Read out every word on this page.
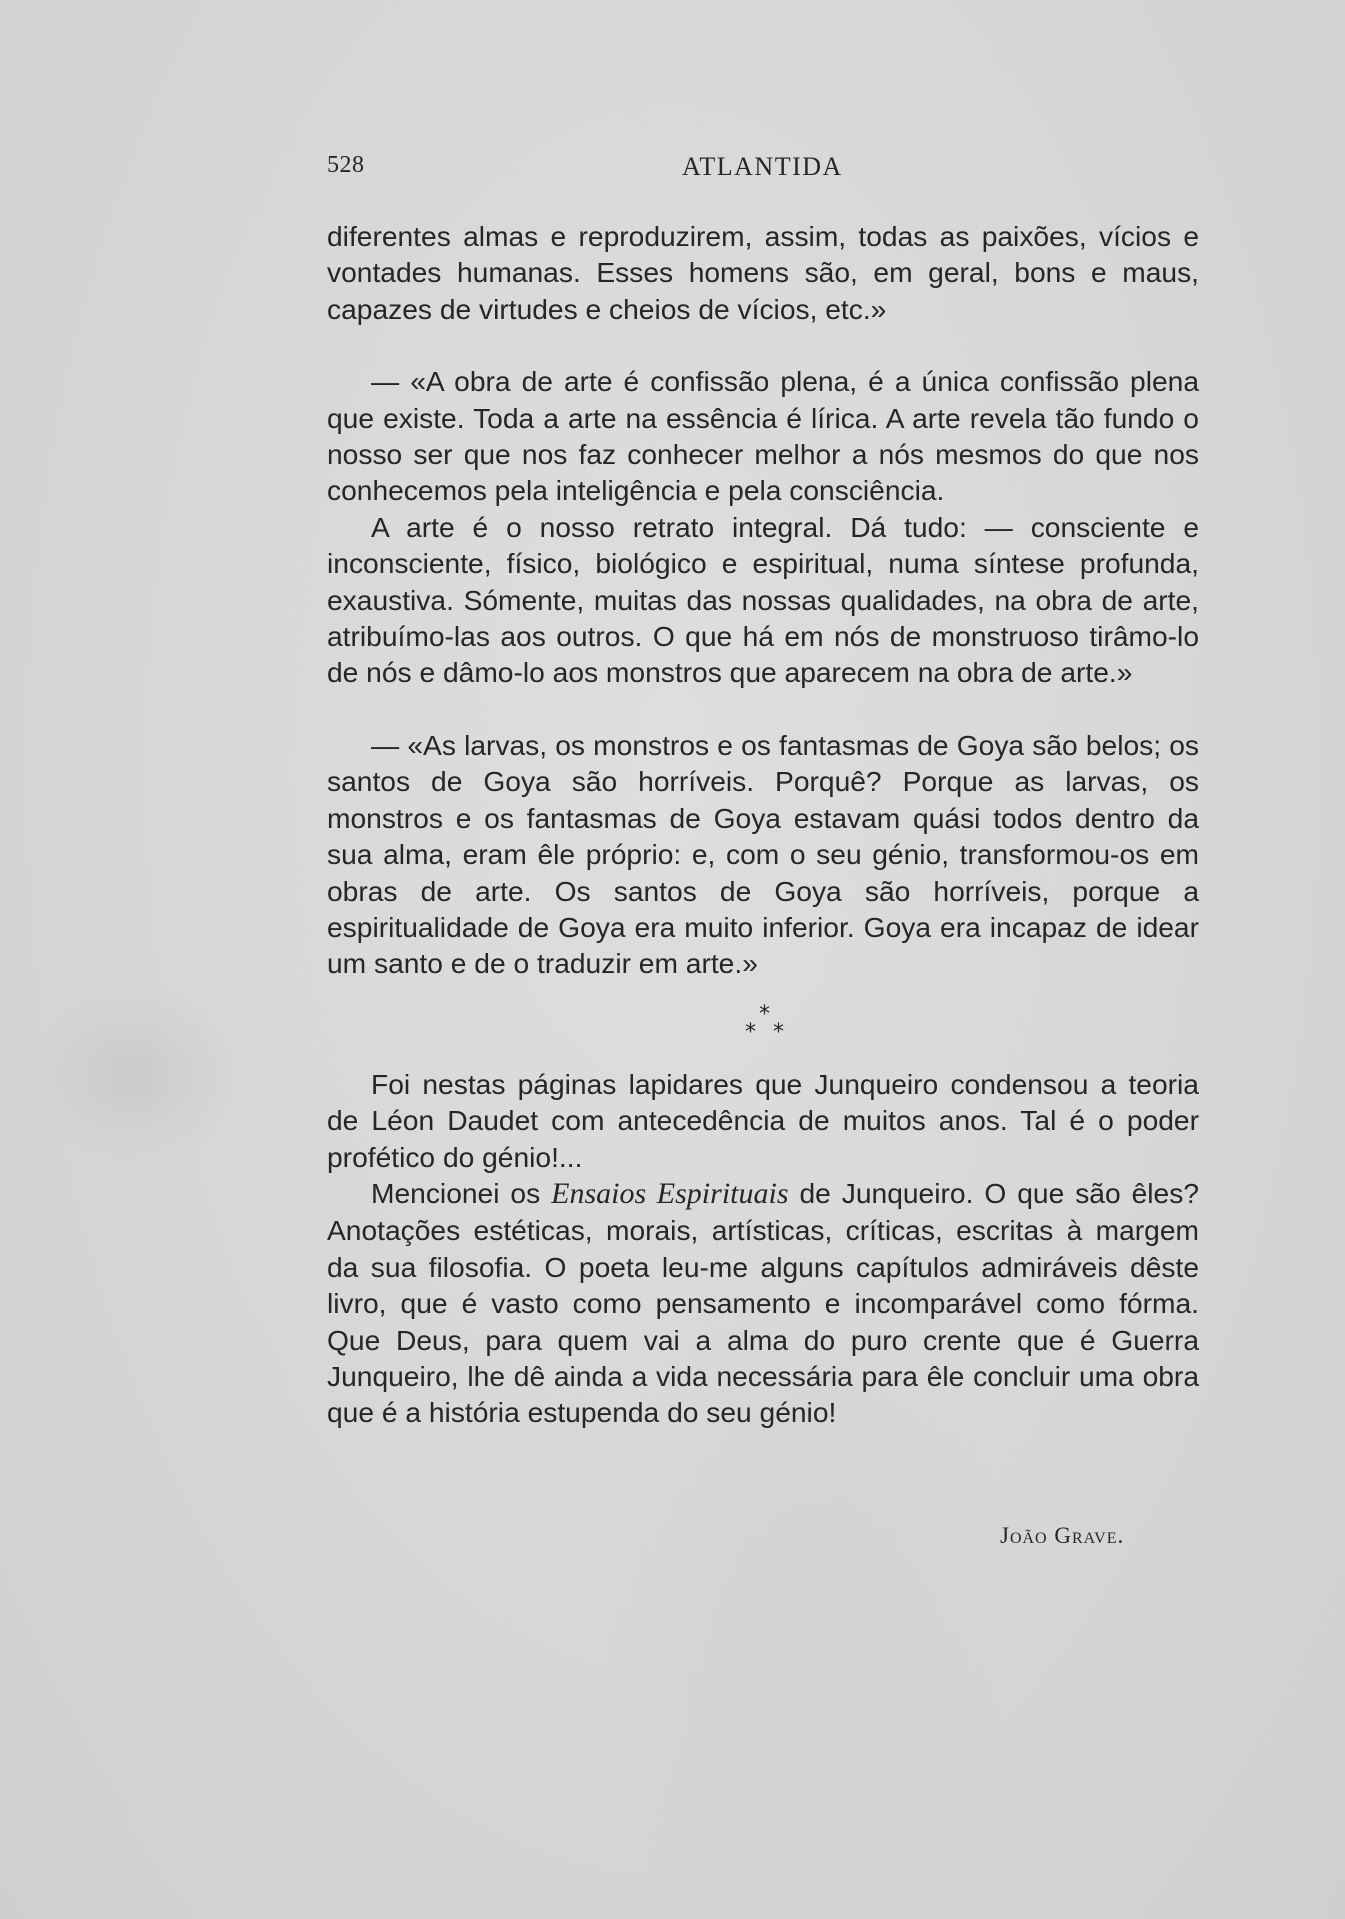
528	ATLANTIDA

diferentes almas e reproduzirem, assim, todas as paixões, vícios e vontades humanas. Esses homens são, em geral, bons e maus, capazes de virtudes e cheios de vícios, etc.»

— «A obra de arte é confissão plena, é a única confissão plena que existe. Toda a arte na essência é lírica. A arte revela tão fundo o nosso ser que nos faz conhecer melhor a nós mesmos do que nos conhecemos pela inteligência e pela consciência.

A arte é o nosso retrato integral. Dá tudo: — consciente e inconsciente, físico, biológico e espiritual, numa síntese profunda, exaustiva. Sómente, muitas das nossas qualidades, na obra de arte, atribuímo-las aos outros. O que há em nós de monstruoso tirâmo-lo de nós e dâmo-lo aos monstros que aparecem na obra de arte.»

— «As larvas, os monstros e os fantasmas de Goya são belos; os santos de Goya são horríveis. Porquê? Porque as larvas, os monstros e os fantasmas de Goya estavam quási todos dentro da sua alma, eram êle próprio: e, com o seu génio, transformou-os em obras de arte. Os santos de Goya são horríveis, porque a espiritualidade de Goya era muito inferior. Goya era incapaz de idear um santo e de o traduzir em arte.»

*
* *

Foi nestas páginas lapidares que Junqueiro condensou a teoria de Léon Daudet com antecedência de muitos anos. Tal é o poder profético do génio!...

Mencionei os Ensaios Espirituais de Junqueiro. O que são êles? Anotações estéticas, morais, artísticas, críticas, escritas à margem da sua filosofia. O poeta leu-me alguns capítulos admiráveis dêste livro, que é vasto como pensamento e incomparável como fórma. Que Deus, para quem vai a alma do puro crente que é Guerra Junqueiro, lhe dê ainda a vida necessária para êle concluir uma obra que é a história estupenda do seu génio!

João Grave.
